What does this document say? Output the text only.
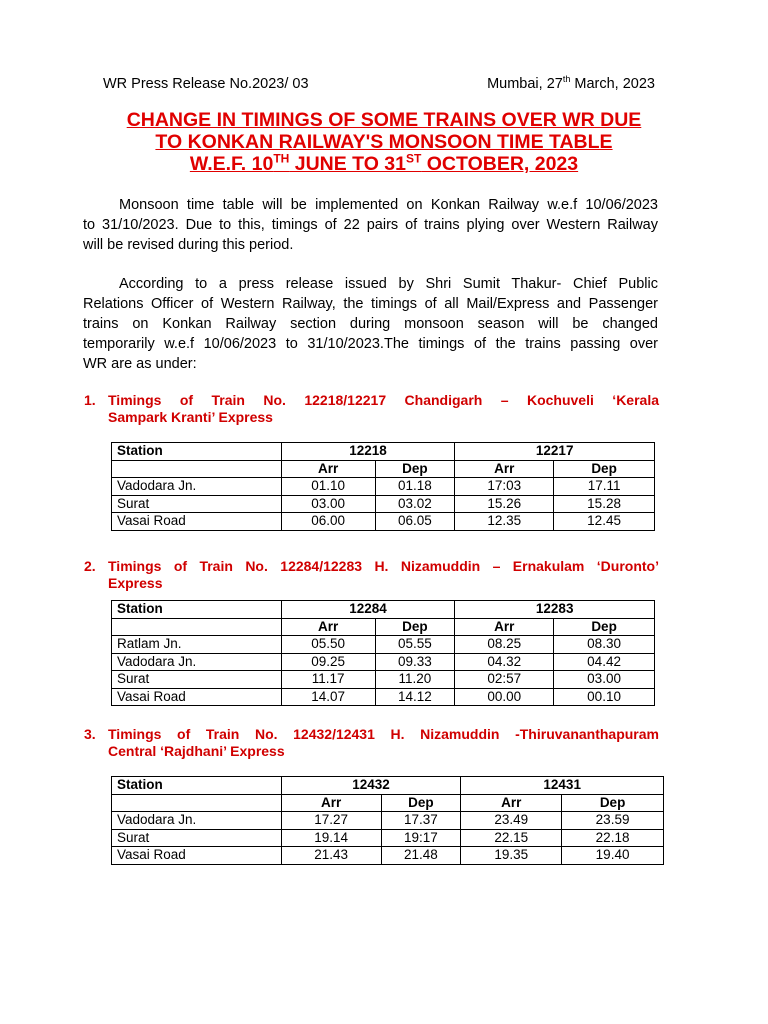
WR Press Release No.2023/ 03	Mumbai, 27th March, 2023
CHANGE IN TIMINGS OF SOME TRAINS OVER WR DUE
TO KONKAN RAILWAY'S MONSOON TIME TABLE
W.E.F. 10TH JUNE TO 31ST OCTOBER, 2023
Monsoon time table will be implemented on Konkan Railway w.e.f 10/06/2023
to 31/10/2023. Due to this, timings of 22 pairs of trains plying over Western Railway
will be revised during this period.
According to a press release issued by Shri Sumit Thakur- Chief Public
Relations Officer of Western Railway, the timings of all Mail/Express and Passenger
trains on Konkan Railway section during monsoon season will be changed
temporarily w.e.f 10/06/2023 to 31/10/2023.The timings of the trains passing over
WR are as under:
1. Timings of Train No. 12218/12217 Chandigarh – Kochuveli ‘Kerala
Sampark Kranti’ Express
Station	12218		12217	
	Arr	Dep	Arr	Dep
Vadodara Jn.	01.10	01.18	17:03	17.11
Surat	03.00	03.02	15.26	15.28
Vasai Road	06.00	06.05	12.35	12.45
2. Timings of Train No. 12284/12283 H. Nizamuddin – Ernakulam ‘Duronto’
Express
Station	12284		12283	
	Arr	Dep	Arr	Dep
Ratlam Jn.	05.50	05.55	08.25	08.30
Vadodara Jn.	09.25	09.33	04.32	04.42
Surat	11.17	11.20	02:57	03.00
Vasai Road	14.07	14.12	00.00	00.10
3. Timings of Train No. 12432/12431 H. Nizamuddin -Thiruvananthapuram
Central ‘Rajdhani’ Express
Station	12432		12431	
	Arr	Dep	Arr	Dep
Vadodara Jn.	17.27	17.37	23.49	23.59
Surat	19.14	19:17	22.15	22.18
Vasai Road	21.43	21.48	19.35	19.40
